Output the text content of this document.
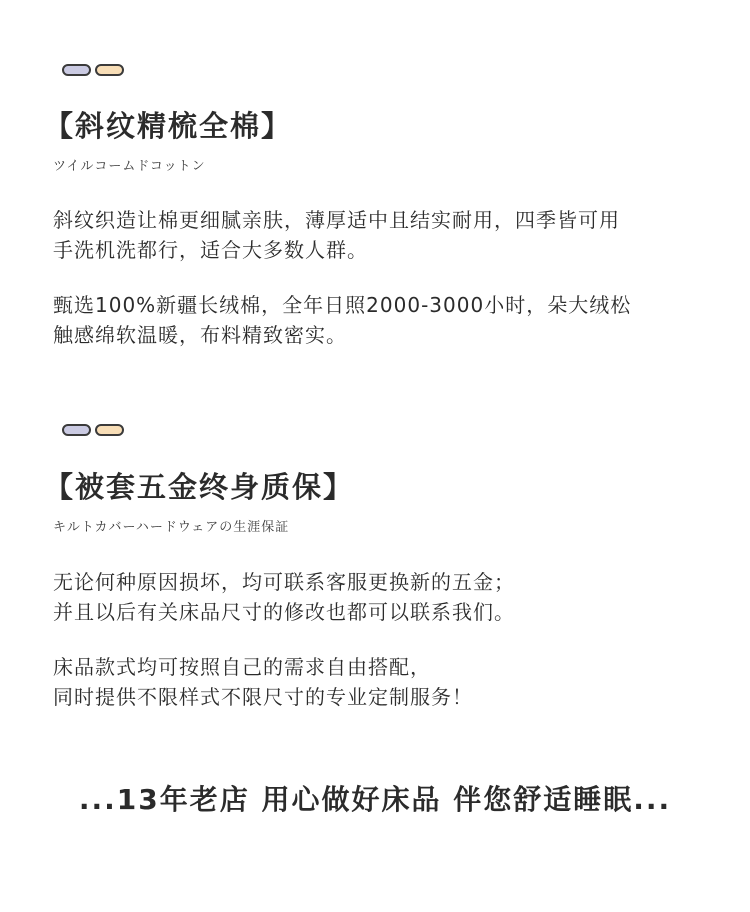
【斜纹精梳全棉】
ツイルコームドコットン
斜纹织造让棉更细腻亲肤，薄厚适中且结实耐用，四季皆可用
手洗机洗都行，适合大多数人群。
甄选100%新疆长绒棉，全年日照2000-3000小时，朵大绒松
触感绵软温暖，布料精致密实。
【被套五金终身质保】
キルトカバーハードウェアの生涯保証
无论何种原因损坏，均可联系客服更换新的五金；
并且以后有关床品尺寸的修改也都可以联系我们。
床品款式均可按照自己的需求自由搭配，
同时提供不限样式不限尺寸的专业定制服务！
...13年老店 用心做好床品 伴您舒适睡眠...
